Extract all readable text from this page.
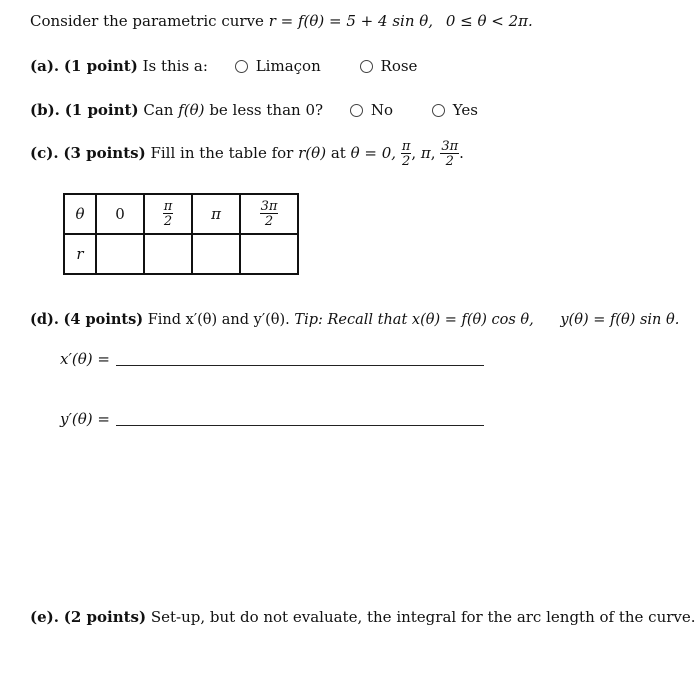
Consider the parametric curve r = f(θ) = 5 + 4 sin θ, 0 ≤ θ < 2π.
(a). (1 point) Is this a:	Limaçon	Rose
(b). (1 point) Can f(θ) be less than 0?	No	Yes
(c). (3 points) Fill in the table for r(θ) at θ = 0, $\frac{\pi}{2}$ , π, $\frac{3\pi}{2}$ .
θ	0	$\frac{\pi}{2}$	π	$\frac{3\pi}{2}$

r				
(d). (4 points) Find x′(θ) and y′(θ). Tip: Recall that x(θ) = f(θ) cos θ, y(θ) = f(θ) sin θ.
x′(θ) =
y′(θ) =
(e). (2 points) Set-up, but do not evaluate, the integral for the arc length of the curve.
